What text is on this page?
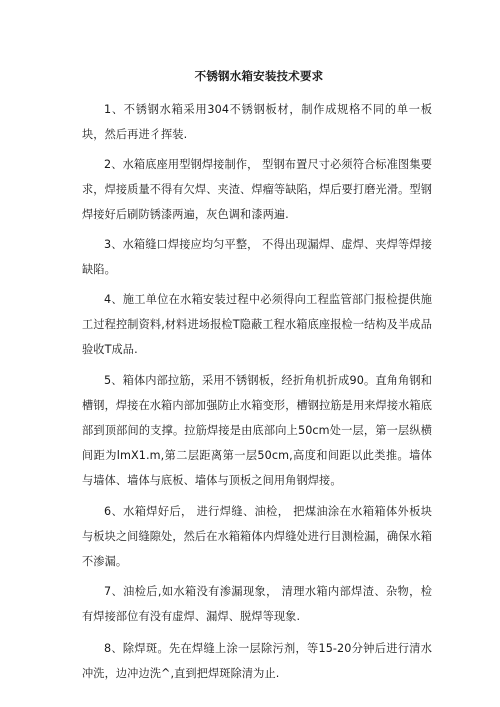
不锈钢水箱安装技术要求

1、不锈钢水箱采用304不锈钢板材，制作成规格不同的单一板块，然后再进彳挥装.

2、水箱底座用型钢焊接制作， 型钢布置尺寸必须符合标准图集要求，焊接质量不得有欠焊、夹渣、焊瘤等缺陷，焊后要打磨光滑。型钢焊接好后刷防锈漆两遍，灰色调和漆两遍.

3、水箱缝口焊接应均匀平整， 不得出现漏焊、虚焊、夹焊等焊接缺陷。

4、施工单位在水箱安装过程中必须得向工程监管部门报检提供施工过程控制资料,材料进场报检T隐蔽工程水箱底座报检一结构及半成品验收T成品.

5、箱体内部拉筋，采用不锈钢板，经折角机折成90。直角角钢和槽钢，焊接在水箱内部加强防止水箱变形，槽钢拉筋是用来焊接水箱底部到顶部间的支撑。拉筋焊接是由底部向上50cm处一层，第一层纵横间距为lmX1.m,第二层距离第一层50cm,高度和间距以此类推。墙体与墙体、墙体与底板、墙体与顶板之间用角钢焊接。

6、水箱焊好后， 进行焊缝、油检， 把煤油涂在水箱箱体外板块与板块之间缝隙处，然后在水箱箱体内焊缝处进行目测检漏，确保水箱不渗漏。

7、油检后,如水箱没有渗漏现象， 清理水箱内部焊渣、杂物，检有焊接部位有没有虚焊、漏焊、脱焊等现象.

8、除焊斑。先在焊缝上涂一层除污剂，等15-20分钟后进行清水冲洗，边冲边洗^,直到把焊斑除清为止.
